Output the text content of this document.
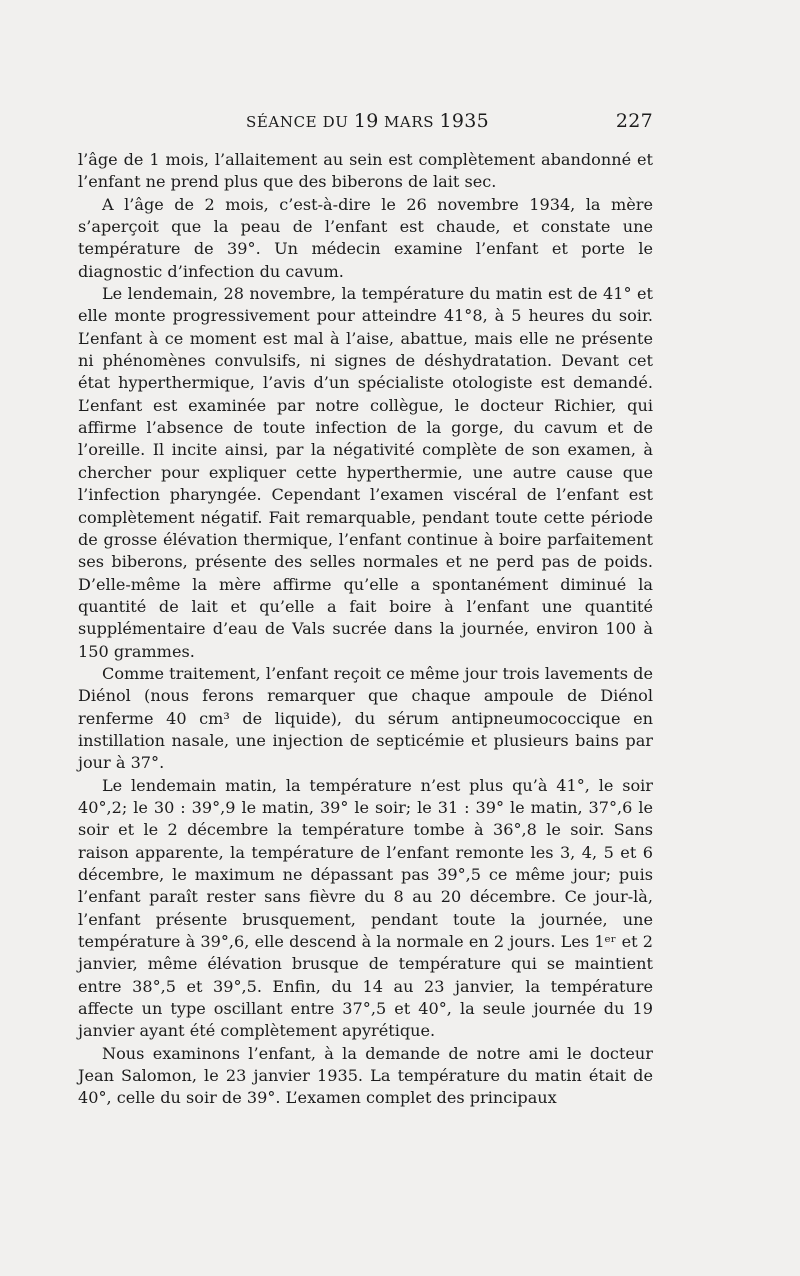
SÉANCE DU 19 MARS 1935	227

l’âge de 1 mois, l’allaitement au sein est complètement abandonné et l’enfant ne prend plus que des biberons de lait sec.

A l’âge de 2 mois, c’est-à-dire le 26 novembre 1934, la mère s’aperçoit que la peau de l’enfant est chaude, et constate une température de 39°. Un médecin examine l’enfant et porte le diagnostic d’infection du cavum.

Le lendemain, 28 novembre, la température du matin est de 41° et elle monte progressivement pour atteindre 41°8, à 5 heures du soir. L’enfant à ce moment est mal à l’aise, abattue, mais elle ne présente ni phénomènes convulsifs, ni signes de déshydratation. Devant cet état hyperthermique, l’avis d’un spécialiste otologiste est demandé. L’enfant est examinée par notre collègue, le docteur Richier, qui affirme l’absence de toute infection de la gorge, du cavum et de l’oreille. Il incite ainsi, par la négativité complète de son examen, à chercher pour expliquer cette hyperthermie, une autre cause que l’infection pharyngée. Cependant l’examen viscéral de l’enfant est complètement négatif. Fait remarquable, pendant toute cette période de grosse élévation thermique, l’enfant continue à boire parfaitement ses biberons, présente des selles normales et ne perd pas de poids. D’elle-même la mère affirme qu’elle a spontanément diminué la quantité de lait et qu’elle a fait boire à l’enfant une quantité supplémentaire d’eau de Vals sucrée dans la journée, environ 100 à 150 grammes.

Comme traitement, l’enfant reçoit ce même jour trois lavements de Diénol (nous ferons remarquer que chaque ampoule de Diénol renferme 40 cm³ de liquide), du sérum antipneumococcique en instillation nasale, une injection de septicémie et plusieurs bains par jour à 37°.

Le lendemain matin, la température n’est plus qu’à 41°, le soir 40°,2; le 30 : 39°,9 le matin, 39° le soir; le 31 : 39° le matin, 37°,6 le soir et le 2 décembre la température tombe à 36°,8 le soir. Sans raison apparente, la température de l’enfant remonte les 3, 4, 5 et 6 décembre, le maximum ne dépassant pas 39°,5 ce même jour; puis l’enfant paraît rester sans fièvre du 8 au 20 décembre. Ce jour-là, l’enfant présente brusquement, pendant toute la journée, une température à 39°,6, elle descend à la normale en 2 jours. Les 1ᵉʳ et 2 janvier, même élévation brusque de température qui se maintient entre 38°,5 et 39°,5. Enfin, du 14 au 23 janvier, la température affecte un type oscillant entre 37°,5 et 40°, la seule journée du 19 janvier ayant été complètement apyrétique.

Nous examinons l’enfant, à la demande de notre ami le docteur Jean Salomon, le 23 janvier 1935. La température du matin était de 40°, celle du soir de 39°. L’examen complet des principaux
